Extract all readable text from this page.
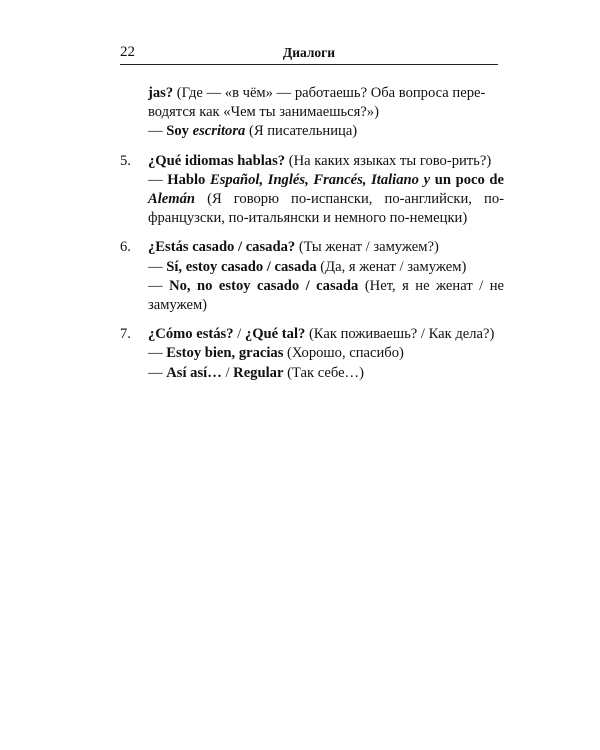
22	Диалоги

jas? (Где — «в чём» — работаешь? Оба вопроса пере-

водятся как «Чем ты занимаешься?»)

— Soy escritora (Я писательница)

5. ¿Qué idiomas hablas? (На каких языках ты гово-рить?)

— Hablo Español, Inglés, Francés, Italiano y un poco de Alemán (Я говорю по-испански, по-английски, по-французски, по-итальянски и немного по-немецки)

6. ¿Estás casado / casada? (Ты женат / замужем?)

— Sí, estoy casado / casada (Да, я женат / замужем)

— No, no estoy casado / casada (Нет, я не женат / не замужем)

7. ¿Cómo estás? / ¿Qué tal? (Как поживаешь? / Как дела?)

— Estoy bien, gracias (Хорошо, спасибо)

— Así así… / Regular (Так себе…)
